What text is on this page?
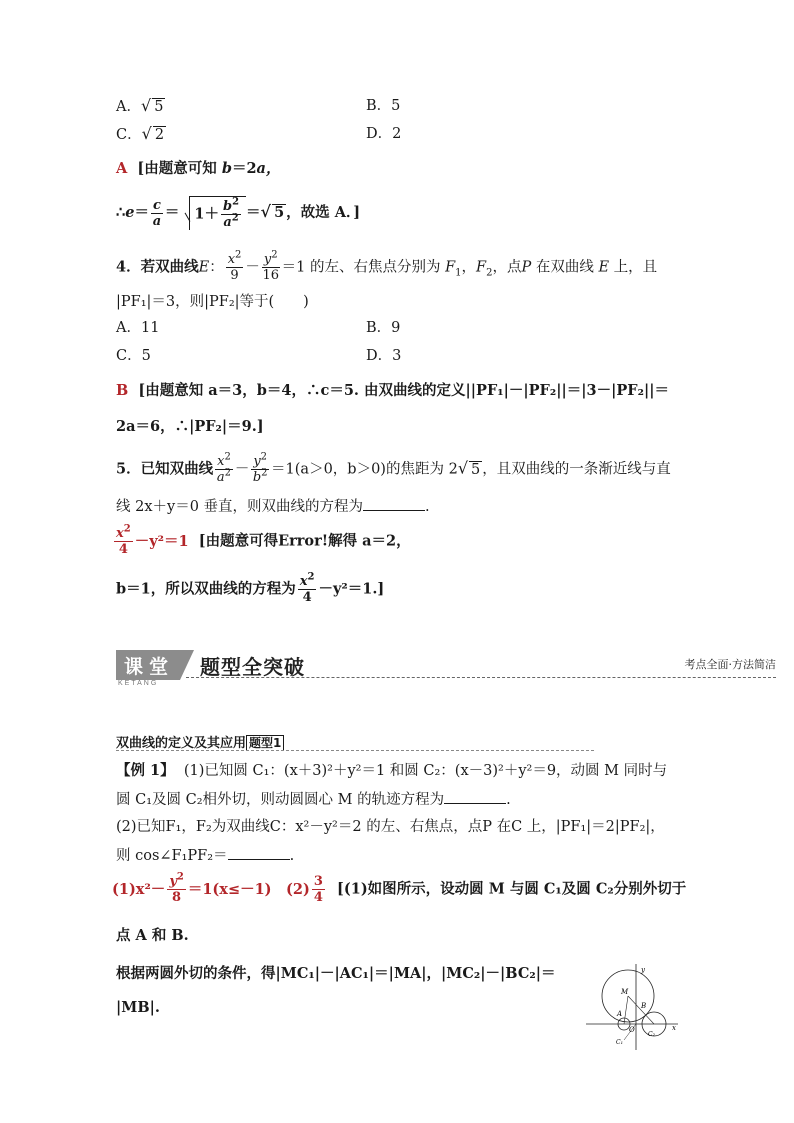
A．√ 5	B．5
C．√ 2	D．2
A [由题意可知 b＝2a，
∴e＝ $\frac{c}{a} = 1+ \frac{b^2}{a^2}$ ＝√ 5 ，故选 A．]
4．若双曲线E： $\frac{x^2}{9} - \frac{y^2}{16} =1$ 的左、右焦点分别为 $F_1$，$F_2$，点P 在双曲线 E 上，且
|PF₁|＝3，则|PF₂|等于(　　)
A．11	B．9
C．5	D．3
B [由题意知 a＝3，b＝4，∴c＝5. 由双曲线的定义||PF₁|－|PF₂||＝|3－|PF₂||＝
2a＝6，∴|PF₂|＝9.]
5．已知双曲线 $\frac{x^2}{a^2} - \frac{y^2}{b^2} =1(a>0$，b＞0)的焦距为 2√ 5 ，且双曲线的一条渐近线与直
线 2x＋y＝0 垂直，则双曲线的方程为	.
$\frac{x^2}{4} -y^2=1$ [由题意可得Error!解得 a＝2，
b＝1，所以双曲线的方程为 $\frac{x^2}{4} -y^2=1$.]
课堂
KETANG
题型全突破	考点全面·方法简洁
双曲线的定义及其应用 题型1
【例 1】 (1)已知圆 C₁：(x＋3)²＋y²＝1 和圆 C₂：(x－3)²＋y²＝9，动圆 M 同时与
圆 C₁及圆 C₂相外切，则动圆圆心 M 的轨迹方程为	.
(2)已知F₁，F₂为双曲线C：x²－y²＝2 的左、右焦点，点P 在C 上，|PF₁|＝2|PF₂|，
则 cos∠F₁PF₂＝	.
$(1)x^2- \frac{y^2}{8} =1(x\le-1)$　$(2) \frac{3}{4} [(1)$如图所示，设动圆 M 与圆 C₁及圆 C₂分别外切于
点 A 和 B.
根据两圆外切的条件，得|MC₁|－|AC₁|＝|MA|，|MC₂|－|BC₂|＝
|MB|.
y
M
A
B
O
C₁
C₂
x
